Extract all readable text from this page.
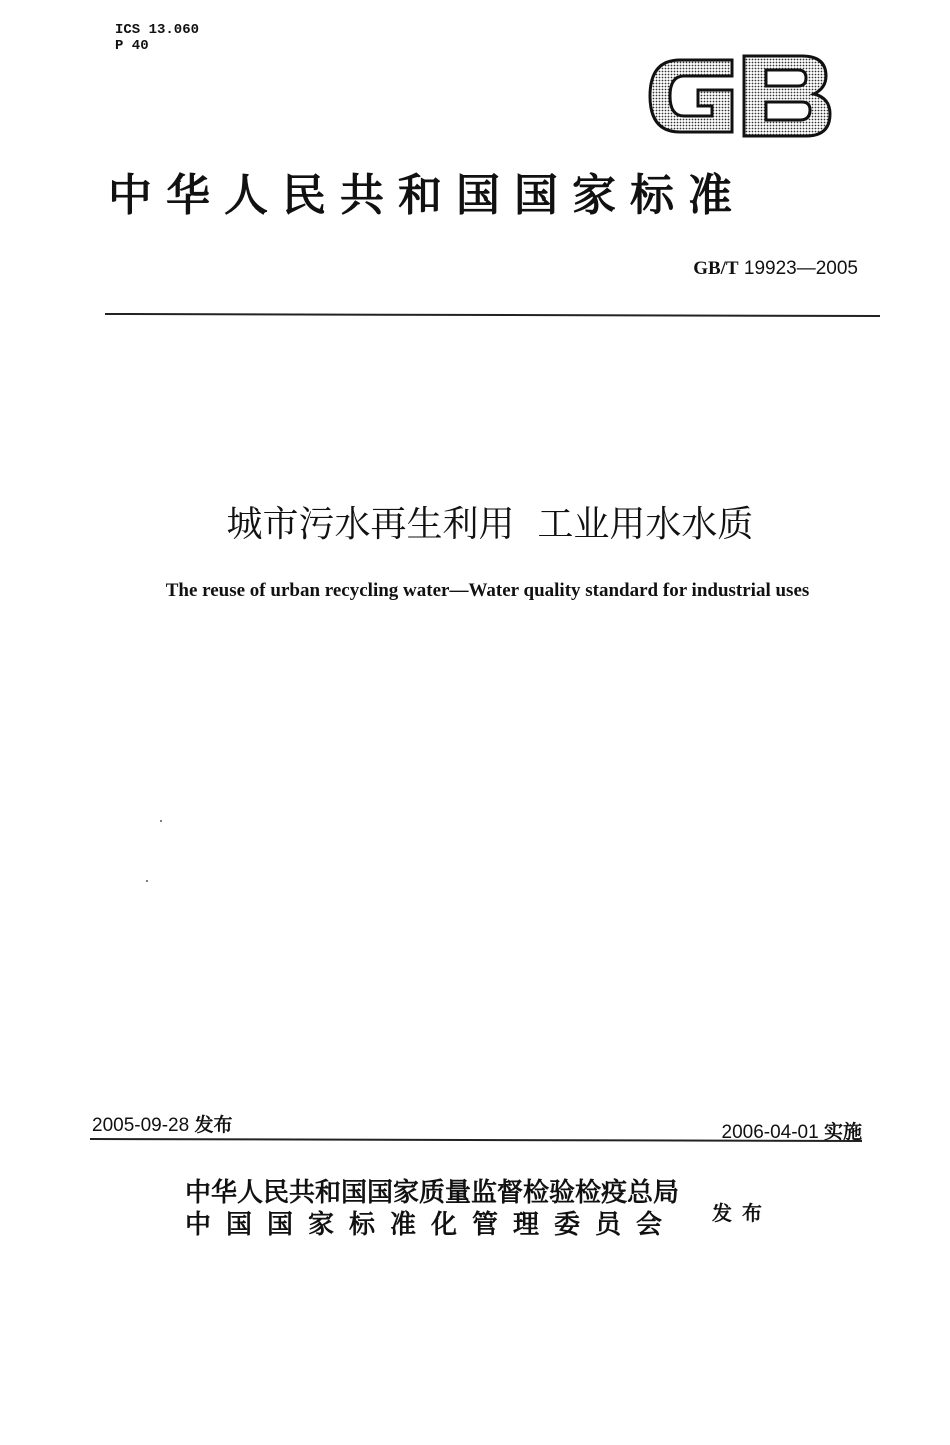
ICS 13.060
P 40
中华人民共和国国家标准
GB/T 19923—2005
城市污水再生利用  工业用水水质
The reuse of urban recycling water—Water quality standard for industrial uses
2005-09-28 发布	2006-04-01 实施
中华人民共和国国家质量监督检验检疫总局
中国国家标准化管理委员会 发布
